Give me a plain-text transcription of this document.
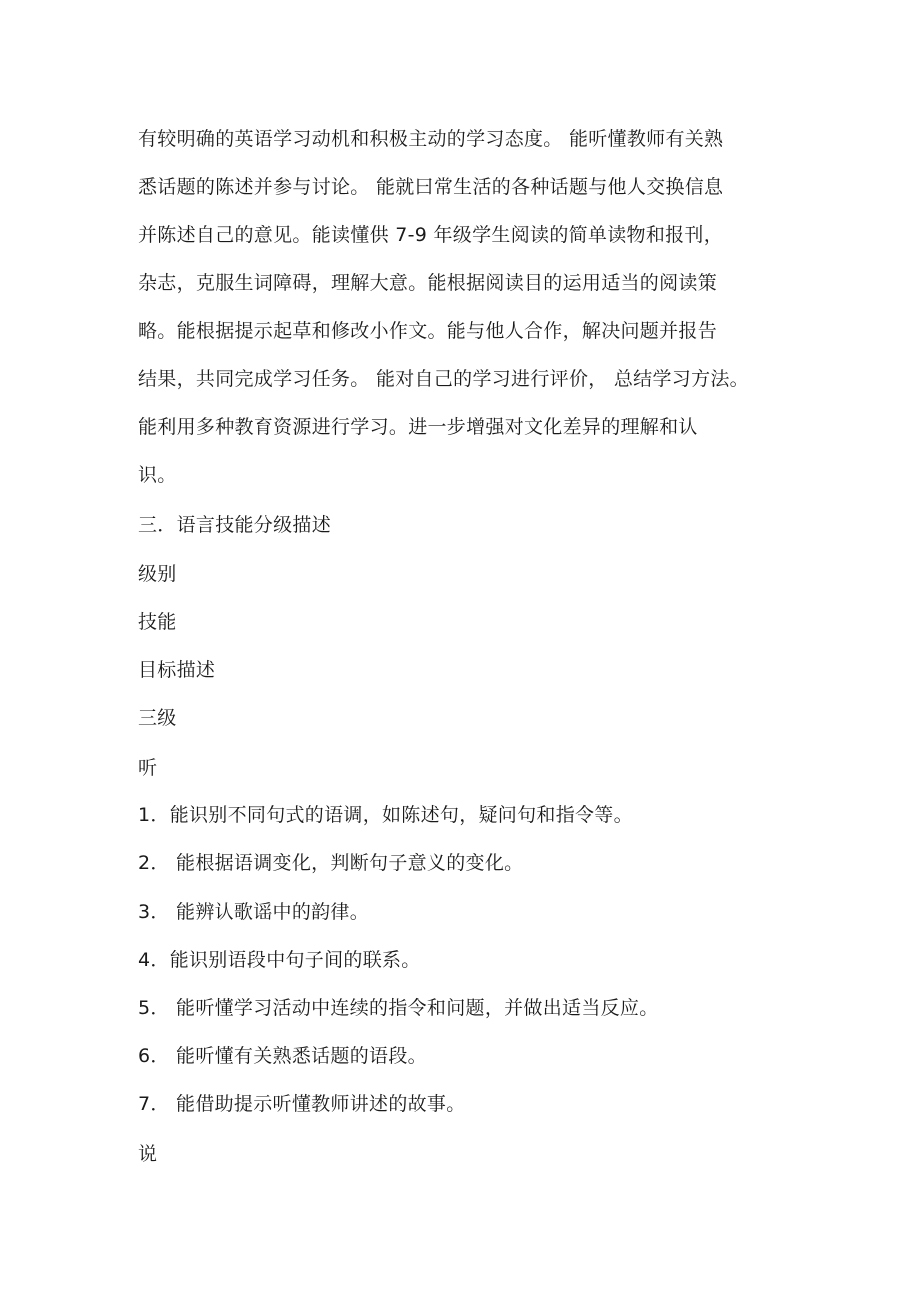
有较明确的英语学习动机和积极主动的学习态度。 能听懂教师有关熟
悉话题的陈述并参与讨论。 能就曰常生活的各种话题与他人交换信息
并陈述自己的意见。能读懂供 7-9 年级学生阅读的简单读物和报刊，
杂志，克服生词障碍，理解大意。能根据阅读目的运用适当的阅读策
略。能根据提示起草和修改小作文。能与他人合作，解决问题并报告
结果，共同完成学习任务。 能对自己的学习进行评价， 总结学习方法。
能利用多种教育资源进行学习。进一步增强对文化差异的理解和认
识。
三．语言技能分级描述
级别
技能
目标描述
三级
听
1．能识别不同句式的语调，如陈述句，疑问句和指令等。
2． 能根据语调变化，判断句子意义的变化。
3． 能辨认歌谣中的韵律。
4．能识别语段中句子间的联系。
5． 能听懂学习活动中连续的指令和问题，并做出适当反应。
6． 能听懂有关熟悉话题的语段。
7． 能借助提示听懂教师讲述的故事。
说
